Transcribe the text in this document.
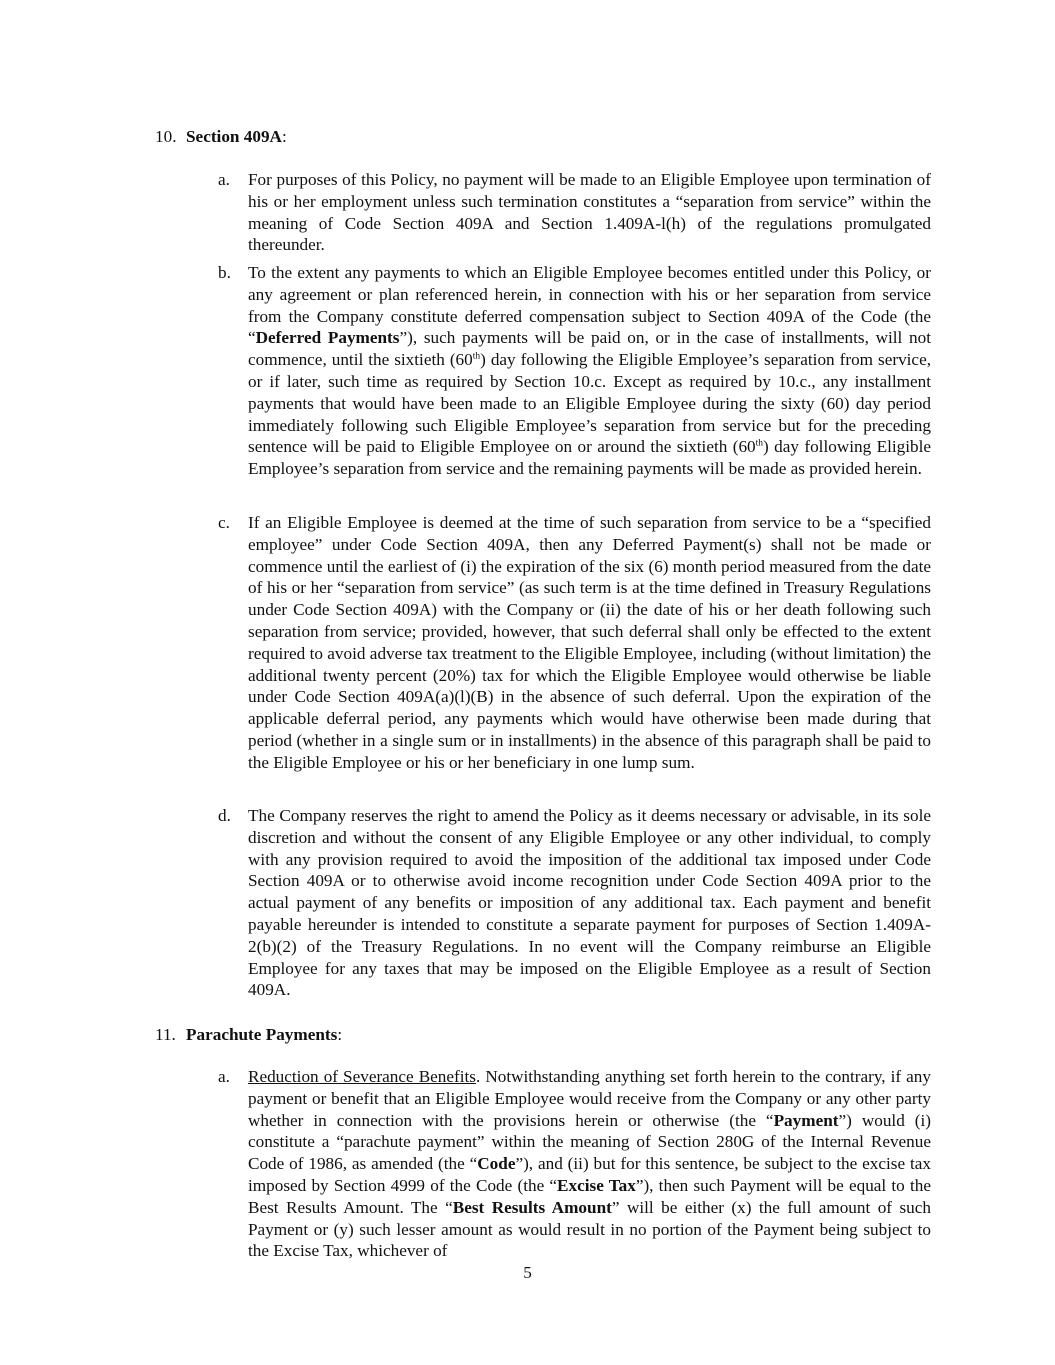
10. Section 409A:
a. For purposes of this Policy, no payment will be made to an Eligible Employee upon termination of his or her employment unless such termination constitutes a “separation from service” within the meaning of Code Section 409A and Section 1.409A-l(h) of the regulations promulgated thereunder.
b. To the extent any payments to which an Eligible Employee becomes entitled under this Policy, or any agreement or plan referenced herein, in connection with his or her separation from service from the Company constitute deferred compensation subject to Section 409A of the Code (the “Deferred Payments”), such payments will be paid on, or in the case of installments, will not commence, until the sixtieth (60th) day following the Eligible Employee’s separation from service, or if later, such time as required by Section 10.c. Except as required by 10.c., any installment payments that would have been made to an Eligible Employee during the sixty (60) day period immediately following such Eligible Employee’s separation from service but for the preceding sentence will be paid to Eligible Employee on or around the sixtieth (60th) day following Eligible Employee’s separation from service and the remaining payments will be made as provided herein.
c. If an Eligible Employee is deemed at the time of such separation from service to be a “specified employee” under Code Section 409A, then any Deferred Payment(s) shall not be made or commence until the earliest of (i) the expiration of the six (6) month period measured from the date of his or her “separation from service” (as such term is at the time defined in Treasury Regulations under Code Section 409A) with the Company or (ii) the date of his or her death following such separation from service; provided, however, that such deferral shall only be effected to the extent required to avoid adverse tax treatment to the Eligible Employee, including (without limitation) the additional twenty percent (20%) tax for which the Eligible Employee would otherwise be liable under Code Section 409A(a)(l)(B) in the absence of such deferral. Upon the expiration of the applicable deferral period, any payments which would have otherwise been made during that period (whether in a single sum or in installments) in the absence of this paragraph shall be paid to the Eligible Employee or his or her beneficiary in one lump sum.
d. The Company reserves the right to amend the Policy as it deems necessary or advisable, in its sole discretion and without the consent of any Eligible Employee or any other individual, to comply with any provision required to avoid the imposition of the additional tax imposed under Code Section 409A or to otherwise avoid income recognition under Code Section 409A prior to the actual payment of any benefits or imposition of any additional tax. Each payment and benefit payable hereunder is intended to constitute a separate payment for purposes of Section 1.409A-2(b)(2) of the Treasury Regulations. In no event will the Company reimburse an Eligible Employee for any taxes that may be imposed on the Eligible Employee as a result of Section 409A.
11. Parachute Payments:
a. Reduction of Severance Benefits. Notwithstanding anything set forth herein to the contrary, if any payment or benefit that an Eligible Employee would receive from the Company or any other party whether in connection with the provisions herein or otherwise (the “Payment”) would (i) constitute a “parachute payment” within the meaning of Section 280G of the Internal Revenue Code of 1986, as amended (the “Code”), and (ii) but for this sentence, be subject to the excise tax imposed by Section 4999 of the Code (the “Excise Tax”), then such Payment will be equal to the Best Results Amount. The “Best Results Amount” will be either (x) the full amount of such Payment or (y) such lesser amount as would result in no portion of the Payment being subject to the Excise Tax, whichever of
5
